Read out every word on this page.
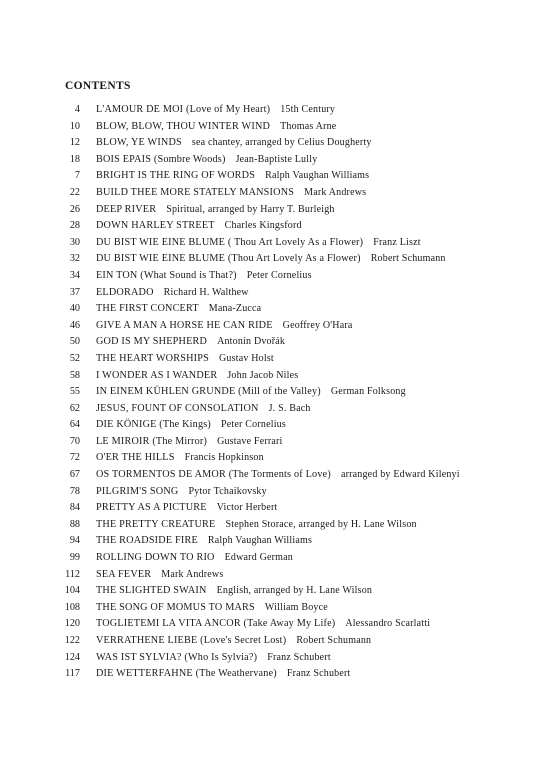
CONTENTS
4 L'AMOUR DE MOI (Love of My Heart) 15th Century
10 BLOW, BLOW, THOU WINTER WIND Thomas Arne
12 BLOW, YE WINDS sea chantey, arranged by Celius Dougherty
18 BOIS EPAIS (Sombre Woods) Jean-Baptiste Lully
7 BRIGHT IS THE RING OF WORDS Ralph Vaughan Williams
22 BUILD THEE MORE STATELY MANSIONS Mark Andrews
26 DEEP RIVER Spiritual, arranged by Harry T. Burleigh
28 DOWN HARLEY STREET Charles Kingsford
30 DU BIST WIE EINE BLUME ( Thou Art Lovely As a Flower) Franz Liszt
32 DU BIST WIE EINE BLUME (Thou Art Lovely As a Flower) Robert Schumann
34 EIN TON (What Sound is That?) Peter Cornelius
37 ELDORADO Richard H. Walthew
40 THE FIRST CONCERT Mana-Zucca
46 GIVE A MAN A HORSE HE CAN RIDE Geoffrey O'Hara
50 GOD IS MY SHEPHERD Antonín Dvořák
52 THE HEART WORSHIPS Gustav Holst
58 I WONDER AS I WANDER John Jacob Niles
55 IN EINEM KÜHLEN GRUNDE (Mill of the Valley) German Folksong
62 JESUS, FOUNT OF CONSOLATION J. S. Bach
64 DIE KÖNIGE (The Kings) Peter Cornelius
70 LE MIROIR (The Mirror) Gustave Ferrari
72 O'ER THE HILLS Francis Hopkinson
67 OS TORMENTOS DE AMOR (The Torments of Love) arranged by Edward Kilenyi
78 PILGRIM'S SONG Pytor Tchaikovsky
84 PRETTY AS A PICTURE Victor Herbert
88 THE PRETTY CREATURE Stephen Storace, arranged by H. Lane Wilson
94 THE ROADSIDE FIRE Ralph Vaughan Williams
99 ROLLING DOWN TO RIO Edward German
112 SEA FEVER Mark Andrews
104 THE SLIGHTED SWAIN English, arranged by H. Lane Wilson
108 THE SONG OF MOMUS TO MARS William Boyce
120 TOGLIETEMI LA VITA ANCOR (Take Away My Life) Alessandro Scarlatti
122 VERRATHENE LIEBE (Love's Secret Lost) Robert Schumann
124 WAS IST SYLVIA? (Who Is Sylvia?) Franz Schubert
117 DIE WETTERFAHNE (The Weathervane) Franz Schubert
